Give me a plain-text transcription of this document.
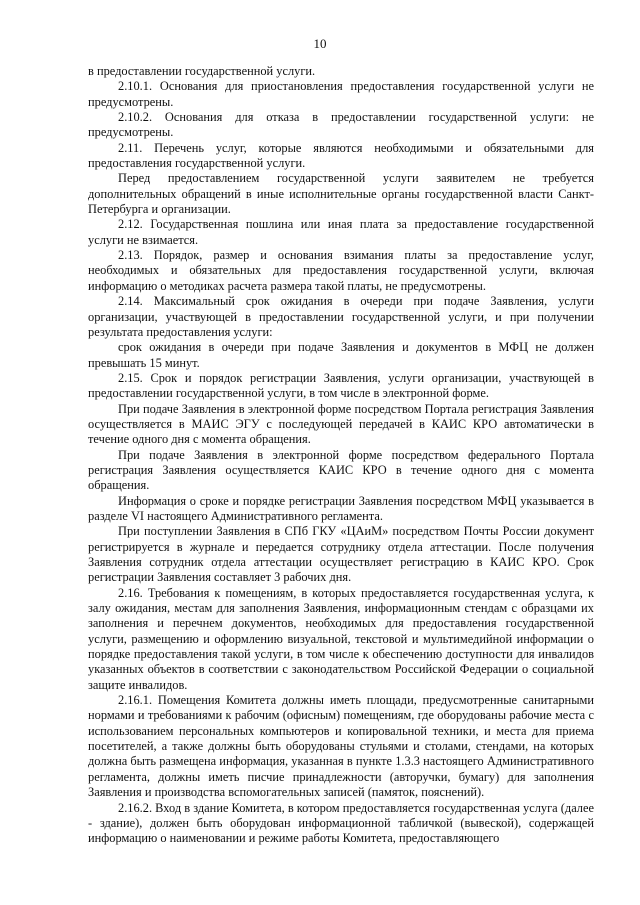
10

в предоставлении государственной услуги.

2.10.1. Основания для приостановления предоставления государственной услуги не предусмотрены.

2.10.2. Основания для отказа в предоставлении государственной услуги: не предусмотрены.

2.11. Перечень услуг, которые являются необходимыми и обязательными для предоставления государственной услуги.

Перед предоставлением государственной услуги заявителем не требуется дополнительных обращений в иные исполнительные органы государственной власти Санкт-Петербурга и организации.

2.12. Государственная пошлина или иная плата за предоставление государственной услуги не взимается.

2.13. Порядок, размер и основания взимания платы за предоставление услуг, необходимых и обязательных для предоставления государственной услуги, включая информацию о методиках расчета размера такой платы, не предусмотрены.

2.14. Максимальный срок ожидания в очереди при подаче Заявления, услуги организации, участвующей в предоставлении государственной услуги, и при получении результата предоставления услуги:

срок ожидания в очереди при подаче Заявления и документов в МФЦ не должен превышать 15 минут.

2.15. Срок и порядок регистрации Заявления, услуги организации, участвующей в предоставлении государственной услуги, в том числе в электронной форме.

При подаче Заявления в электронной форме посредством Портала регистрация Заявления осуществляется в МАИС ЭГУ с последующей передачей в КАИС КРО автоматически в течение одного дня с момента обращения.

При подаче Заявления в электронной форме посредством федерального Портала регистрация Заявления осуществляется КАИС КРО в течение одного дня с момента обращения.

Информация о сроке и порядке регистрации Заявления посредством МФЦ указывается в разделе VI настоящего Административного регламента.

При поступлении Заявления в СПб ГКУ «ЦАиМ» посредством Почты России документ регистрируется в журнале и передается сотруднику отдела аттестации. После получения Заявления сотрудник отдела аттестации осуществляет регистрацию в КАИС КРО. Срок регистрации Заявления составляет 3 рабочих дня.

2.16. Требования к помещениям, в которых предоставляется государственная услуга, к залу ожидания, местам для заполнения Заявления, информационным стендам с образцами их заполнения и перечнем документов, необходимых для предоставления государственной услуги, размещению и оформлению визуальной, текстовой и мультимедийной информации о порядке предоставления такой услуги, в том числе к обеспечению доступности для инвалидов указанных объектов в соответствии с законодательством Российской Федерации о социальной защите инвалидов.

2.16.1. Помещения Комитета должны иметь площади, предусмотренные санитарными нормами и требованиями к рабочим (офисным) помещениям, где оборудованы рабочие места с использованием персональных компьютеров и копировальной техники, и места для приема посетителей, а также должны быть оборудованы стульями и столами, стендами, на которых должна быть размещена информация, указанная в пункте 1.3.3 настоящего Административного регламента, должны иметь писчие принадлежности (авторучки, бумагу) для заполнения Заявления и производства вспомогательных записей (памяток, пояснений).

2.16.2. Вход в здание Комитета, в котором предоставляется государственная услуга (далее - здание), должен быть оборудован информационной табличкой (вывеской), содержащей информацию о наименовании и режиме работы Комитета, предоставляющего
